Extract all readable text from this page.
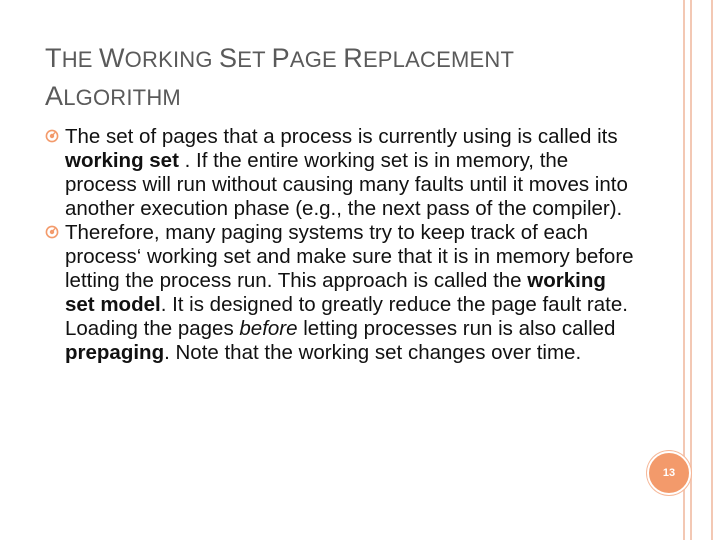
THE WORKING SET PAGE REPLACEMENT
ALGORITHM
The set of pages that a process is currently using is called its working set . If the entire working set is in memory, the process will run without causing many faults until it moves into another execution phase (e.g., the next pass of the compiler).
Therefore, many paging systems try to keep track of each process‘ working set and make sure that it is in memory before letting the process run. This approach is called the working set model. It is designed to greatly reduce the page fault rate. Loading the pages before letting processes run is also called prepaging. Note that the working set changes over time.
13
